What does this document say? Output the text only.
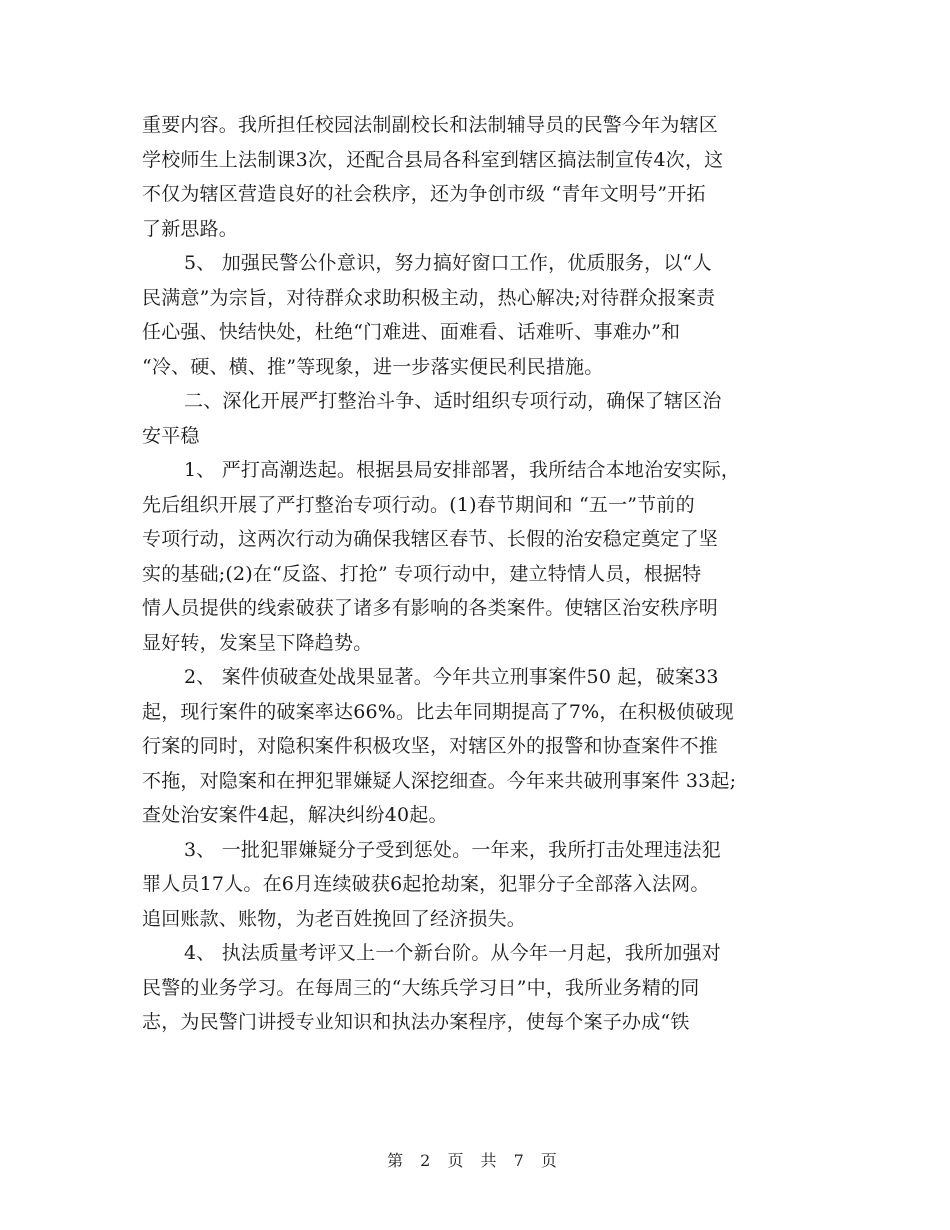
重要内容。我所担任校园法制副校长和法制辅导员的民警今年为辖区
学校师生上法制课3次，还配合县局各科室到辖区搞法制宣传4次，这
不仅为辖区营造良好的社会秩序，还为争创市级 “青年文明号”开拓
了新思路。
5、 加强民警公仆意识，努力搞好窗口工作，优质服务，以“人
民满意”为宗旨，对待群众求助积极主动，热心解决;对待群众报案责
任心强、快结快处，杜绝“门难进、面难看、话难听、事难办”和
“冷、硬、横、推”等现象，进一步落实便民利民措施。
二、深化开展严打整治斗争、适时组织专项行动，确保了辖区治
安平稳
1、 严打高潮迭起。根据县局安排部署，我所结合本地治安实际，
先后组织开展了严打整治专项行动。(1)春节期间和 “五一”节前的
专项行动，这两次行动为确保我辖区春节、长假的治安稳定奠定了坚
实的基础;(2)在“反盗、打抢” 专项行动中，建立特情人员，根据特
情人员提供的线索破获了诸多有影响的各类案件。使辖区治安秩序明
显好转，发案呈下降趋势。
2、 案件侦破查处战果显著。今年共立刑事案件50 起，破案33
起，现行案件的破案率达66%。比去年同期提高了7%，在积极侦破现
行案的同时，对隐积案件积极攻坚，对辖区外的报警和协查案件不推
不拖，对隐案和在押犯罪嫌疑人深挖细查。今年来共破刑事案件 33起;
查处治安案件4起，解决纠纷40起。
3、 一批犯罪嫌疑分子受到惩处。一年来，我所打击处理违法犯
罪人员17人。在6月连续破获6起抢劫案，犯罪分子全部落入法网。
追回账款、账物，为老百姓挽回了经济损失。
4、 执法质量考评又上一个新台阶。从今年一月起，我所加强对
民警的业务学习。在每周三的“大练兵学习日”中，我所业务精的同
志，为民警门讲授专业知识和执法办案程序，使每个案子办成“铁
第 2 页 共 7 页
